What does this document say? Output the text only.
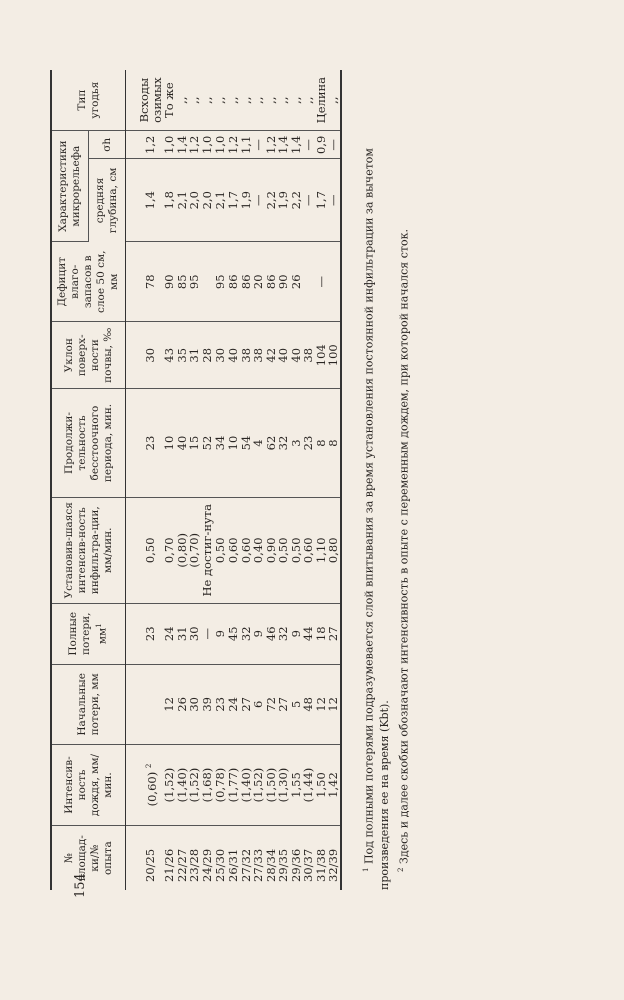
154
№ площад-ки/№ опыта	Интенсив-ность дождя, мм/мин.	Начальные потери, мм	Полные потери, $мм^1$	Установив-шаяся интенсив-ность инфильтра-ции, мм/мин.	Продолжи-тельность бесстоочного периода, мин.	Уклон поверх-ности почвы, ‰	Дефицит влаго-запасов в слое 50 см, мм	Характеристики микрорельефа		Тип угодья
								средняя глубина, см	σh	
20/25	(0,60) $^2$		23	0,50	23	30	78	1,4	1,2	Всходы озимых
21/26	(1,52)	12	24	0,70	10	43	90	1,8	1,0	То же
22/27	(1,40)	26	31	(0,80)	40	35	85	2,1	1,4	,,
23/28	(1,52)	30	30	(0,70)	15	31	95	2,0	1,2	,,
24/29	(1,68)	39	—	Не достиг-нута	52	28		2,0	1,0	,,
25/30	(0,78)	23	9	0,50	34	30	95	2,1	1,0	,,
26/31	(1,77)	24	45	0,60	10	40	86	1,7	1,2	,,
27/32	(1,40)	27	32	0,60	54	38	86	1,9	1,1	,,
27/33	(1,52)	6	9	0,40	4	38	20	—	—	,,
28/34	(1,50)	72	46	0,90	62	42	86	2,2	1,2	,,
29/35	(1,30)	27	32	0,50	32	40	90	1,9	1,4	,,
29/36	1,55	5	9	0,50	3	40	26	2,2	1,4	,,
30/37	(1,44)	48	44	0,60	23	38		—	—	,,
31/38	1,50	12	18	1,10	8	104	—	1,7	0,9	Целина
32/39	1,42	12	27	0,80	8	100		—	—	,,

$^1$ Под полными потерями подразумевается слой впитывания за время установления постоянной инфильтрации за вычетом произведения ее на время (Kbt). $^2$ Здесь и далее скобки обозначают интенсивность в опыте с переменным дождем, при которой начался сток.
